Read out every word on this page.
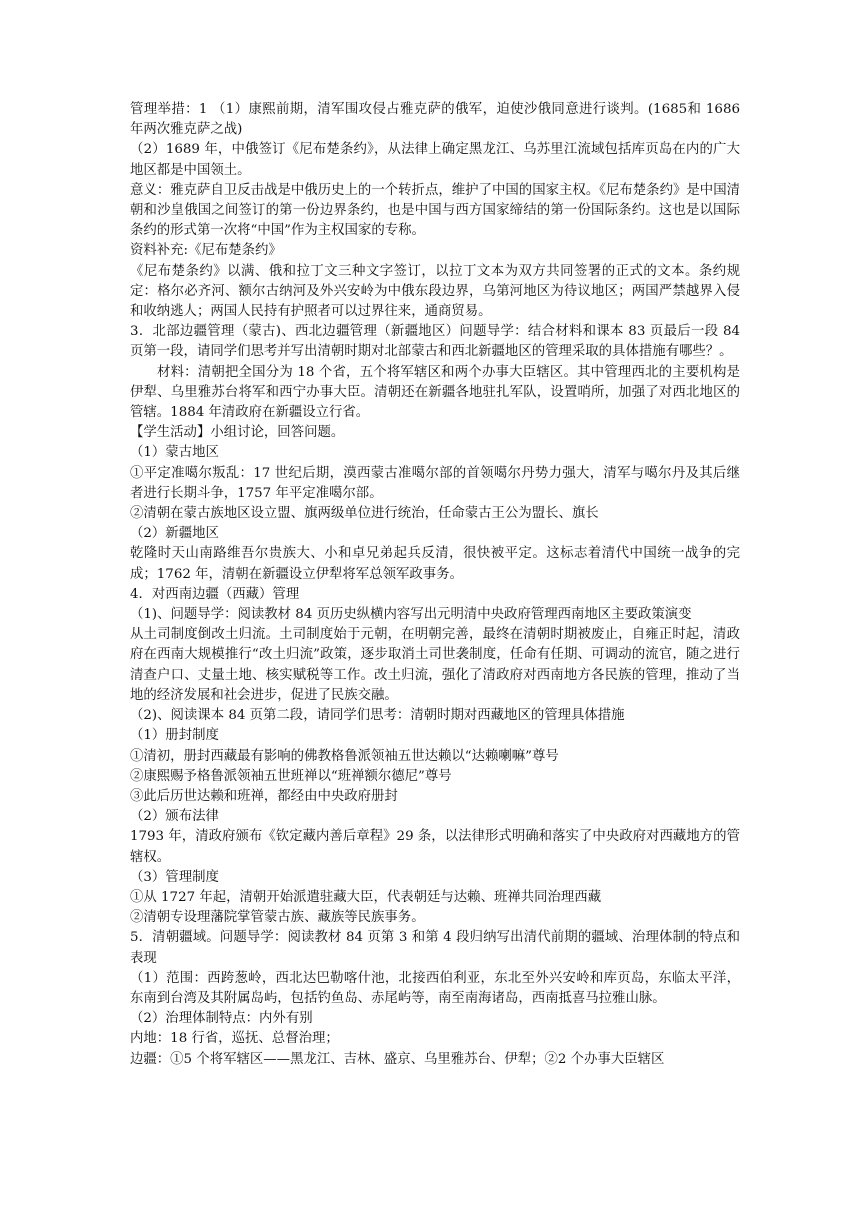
管理举措：1 （1）康熙前期，清军围攻侵占雅克萨的俄军，迫使沙俄同意进行谈判。(1685和 1686 年两次雅克萨之战)

（2）1689 年，中俄签订《尼布楚条约》，从法律上确定黑龙江、乌苏里江流域包括库页岛在内的广大地区都是中国领土。

意义：雅克萨自卫反击战是中俄历史上的一个转折点，维护了中国的国家主权。《尼布楚条约》是中国清朝和沙皇俄国之间签订的第一份边界条约，也是中国与西方国家缔结的第一份国际条约。这也是以国际条约的形式第一次将“中国”作为主权国家的专称。

资料补充:《尼布楚条约》

《尼布楚条约》以满、俄和拉丁文三种文字签订，以拉丁文本为双方共同签署的正式的文本。条约规定：格尔必齐河、额尔古纳河及外兴安岭为中俄东段边界，乌第河地区为待议地区；两国严禁越界入侵和收纳逃人；两国人民持有护照者可以过界往来，通商贸易。

3．北部边疆管理（蒙古)、西北边疆管理（新疆地区）问题导学：结合材料和课本 83 页最后一段 84 页第一段，请同学们思考并写出清朝时期对北部蒙古和西北新疆地区的管理采取的具体措施有哪些？。

材料：清朝把全国分为 18 个省，五个将军辖区和两个办事大臣辖区。其中管理西北的主要机构是伊犁、乌里雅苏台将军和西宁办事大臣。清朝还在新疆各地驻扎军队，设置哨所，加强了对西北地区的管辖。1884 年清政府在新疆设立行省。

【学生活动】小组讨论，回答问题。

（1）蒙古地区

①平定准噶尔叛乱：17 世纪后期，漠西蒙古准噶尔部的首领噶尔丹势力强大，清军与噶尔丹及其后继者进行长期斗争，1757 年平定准噶尔部。

②清朝在蒙古族地区设立盟、旗两级单位进行统治，任命蒙古王公为盟长、旗长

（2）新疆地区

乾隆时天山南路维吾尔贵族大、小和卓兄弟起兵反清，很快被平定。这标志着清代中国统一战争的完成；1762 年，清朝在新疆设立伊犁将军总领军政事务。

4．对西南边疆（西藏）管理

（1)、问题导学：阅读教材 84 页历史纵横内容写出元明清中央政府管理西南地区主要政策演变

从土司制度倒改土归流。土司制度始于元朝，在明朝完善，最终在清朝时期被废止，自雍正时起，清政府在西南大规模推行“改土归流”政策，逐步取消土司世袭制度，任命有任期、可调动的流官，随之进行清查户口、丈量土地、核实赋税等工作。改土归流，强化了清政府对西南地方各民族的管理，推动了当地的经济发展和社会进步，促进了民族交融。

（2)、阅读课本 84 页第二段，请同学们思考：清朝时期对西藏地区的管理具体措施

（1）册封制度

①清初，册封西藏最有影响的佛教格鲁派领袖五世达赖以“达赖喇嘛”尊号

②康熙赐予格鲁派领袖五世班禅以“班禅额尔德尼”尊号

③此后历世达赖和班禅，都经由中央政府册封

（2）颁布法律

1793 年，清政府颁布《钦定藏内善后章程》29 条，以法律形式明确和落实了中央政府对西藏地方的管辖权。

（3）管理制度

①从 1727 年起，清朝开始派遣驻藏大臣，代表朝廷与达赖、班禅共同治理西藏

②清朝专设理藩院掌管蒙古族、藏族等民族事务。

5．清朝疆域。问题导学：阅读教材 84 页第 3 和第 4 段归纳写出清代前期的疆域、治理体制的特点和表现

（1）范围：西跨葱岭，西北达巴勒喀什池，北接西伯利亚，东北至外兴安岭和库页岛，东临太平洋，东南到台湾及其附属岛屿，包括钓鱼岛、赤尾屿等，南至南海诸岛，西南抵喜马拉雅山脉。

（2）治理体制特点：内外有别

内地：18 行省，巡抚、总督治理；

边疆：①5 个将军辖区——黑龙江、吉林、盛京、乌里雅苏台、伊犁；②2 个办事大臣辖区
